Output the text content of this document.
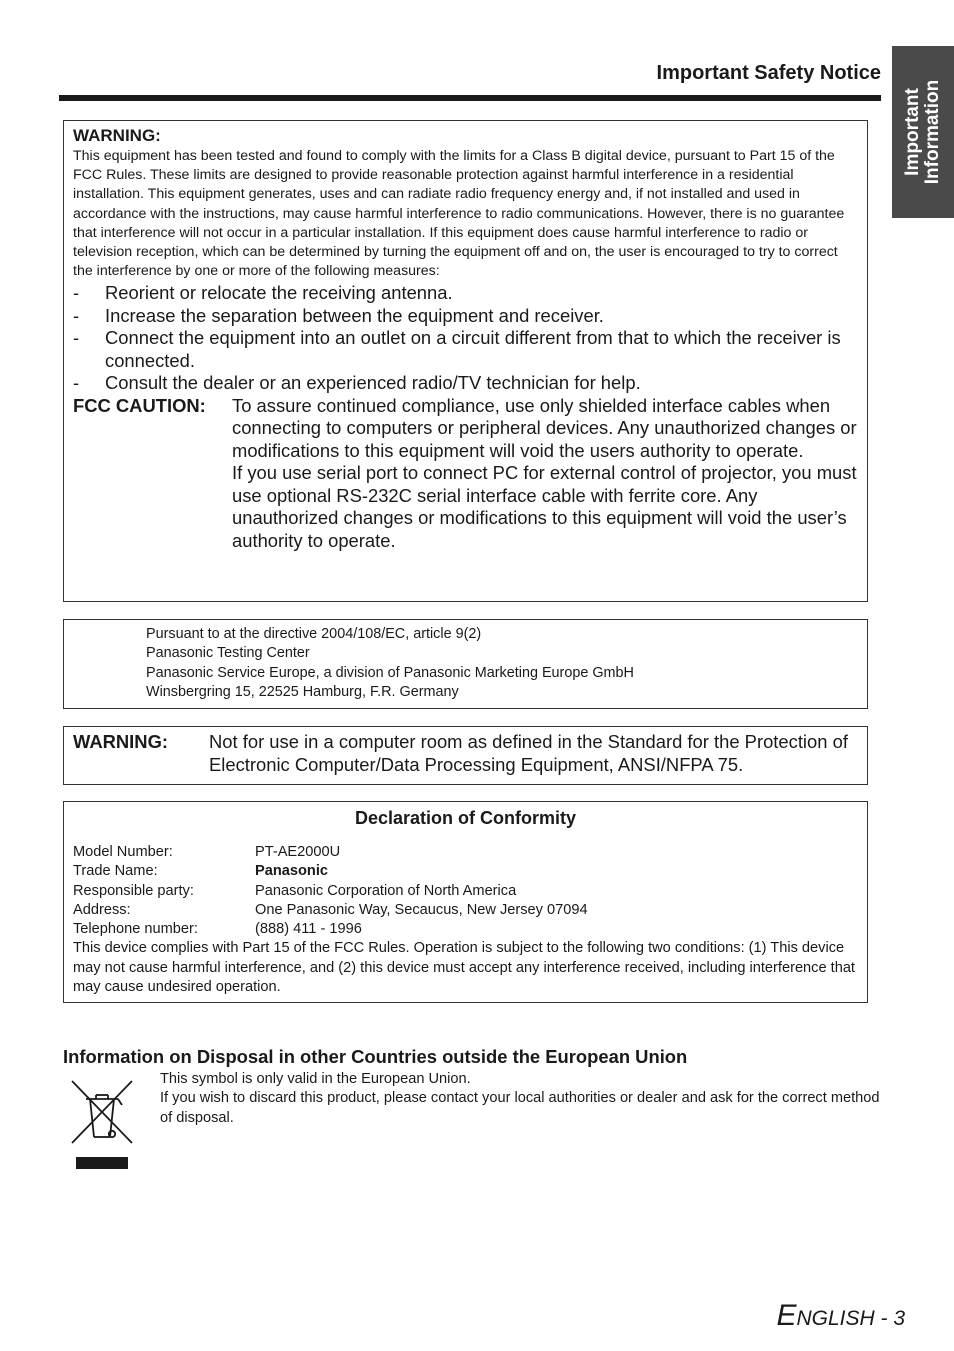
Important Safety Notice
Important Information
WARNING:

This equipment has been tested and found to comply with the limits for a Class B digital device, pursuant to Part 15 of the FCC Rules. These limits are designed to provide reasonable protection against harmful interference in a residential installation. This equipment generates, uses and can radiate radio frequency energy and, if not installed and used in accordance with the instructions, may cause harmful interference to radio communications. However, there is no guarantee that interference will not occur in a particular installation. If this equipment does cause harmful interference to radio or television reception, which can be determined by turning the equipment off and on, the user is encouraged to try to correct the interference by one or more of the following measures:

- Reorient or relocate the receiving antenna.
- Increase the separation between the equipment and receiver.
- Connect the equipment into an outlet on a circuit different from that to which the receiver is connected.
- Consult the dealer or an experienced radio/TV technician for help.
FCC CAUTION:	To assure continued compliance, use only shielded interface cables when connecting to computers or peripheral devices. Any unauthorized changes or modifications to this equipment will void the users authority to operate.

If you use serial port to connect PC for external control of projector, you must use optional RS-232C serial interface cable with ferrite core. Any unauthorized changes or modifications to this equipment will void the user’s authority to operate.

Pursuant to at the directive 2004/108/EC, article 9(2)
Panasonic Testing Center
Panasonic Service Europe, a division of Panasonic Marketing Europe GmbH
Winsbergring 15, 22525 Hamburg, F.R. Germany
WARNING:	Not for use in a computer room as defined in the Standard for the Protection of Electronic Computer/Data Processing Equipment, ANSI/NFPA 75.
Declaration of Conformity
Model Number:	PT-AE2000U
Trade Name:	Panasonic
Responsible party:	Panasonic Corporation of North America
Address:	One Panasonic Way, Secaucus, New Jersey 07094
Telephone number:	(888) 411 - 1996

This device complies with Part 15 of the FCC Rules. Operation is subject to the following two conditions: (1) This device may not cause harmful interference, and (2) this device must accept any interference received, including interference that may cause undesired operation.

Information on Disposal in other Countries outside the European Union
This symbol is only valid in the European Union.
If you wish to discard this product, please contact your local authorities or dealer and ask for the correct method of disposal.
ENGLISH - 3
